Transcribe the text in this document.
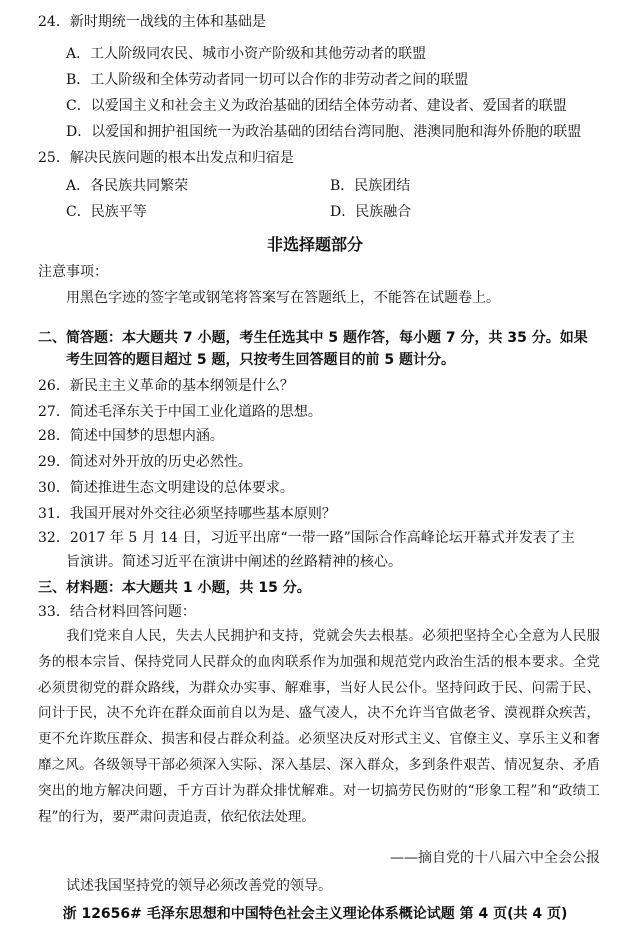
24．新时期统一战线的主体和基础是
A．工人阶级同农民、城市小资产阶级和其他劳动者的联盟
B．工人阶级和全体劳动者同一切可以合作的非劳动者之间的联盟
C．以爱国主义和社会主义为政治基础的团结全体劳动者、建设者、爱国者的联盟
D．以爱国和拥护祖国统一为政治基础的团结台湾同胞、港澳同胞和海外侨胞的联盟
25．解决民族问题的根本出发点和归宿是
A．各民族共同繁荣	B．民族团结
C．民族平等	D．民族融合
非选择题部分
注意事项：
用黑色字迹的签字笔或钢笔将答案写在答题纸上，不能答在试题卷上。
二、简答题：本大题共 7 小题，考生任选其中 5 题作答，每小题 7 分，共 35 分。如果
考生回答的题目超过 5 题，只按考生回答题目的前 5 题计分。
26．新民主主义革命的基本纲领是什么？
27．简述毛泽东关于中国工业化道路的思想。
28．简述中国梦的思想内涵。
29．简述对外开放的历史必然性。
30．简述推进生态文明建设的总体要求。
31．我国开展对外交往必须坚持哪些基本原则？
32．2017 年 5 月 14 日，习近平出席“一带一路”国际合作高峰论坛开幕式并发表了主
旨演讲。简述习近平在演讲中阐述的丝路精神的核心。
三、材料题：本大题共 1 小题，共 15 分。
33．结合材料回答问题：
我们党来自人民，失去人民拥护和支持，党就会失去根基。必须把坚持全心全意为人民服务的根本宗旨、保持党同人民群众的血肉联系作为加强和规范党内政治生活的根本要求。全党必须贯彻党的群众路线，为群众办实事、解难事，当好人民公仆。坚持问政于民、问需于民、问计于民，决不允许在群众面前自以为是、盛气凌人，决不允许当官做老爷、漠视群众疾苦，更不允许欺压群众、损害和侵占群众利益。必须坚决反对形式主义、官僚主义、享乐主义和奢靡之风。各级领导干部必须深入实际、深入基层、深入群众，多到条件艰苦、情况复杂、矛盾突出的地方解决问题，千方百计为群众排忧解难。对一切搞劳民伤财的“形象工程”和“政绩工程”的行为，要严肃问责追责，依纪依法处理。
——摘自党的十八届六中全会公报
试述我国坚持党的领导必须改善党的领导。
浙 12656# 毛泽东思想和中国特色社会主义理论体系概论试题 第 4 页(共 4 页)
